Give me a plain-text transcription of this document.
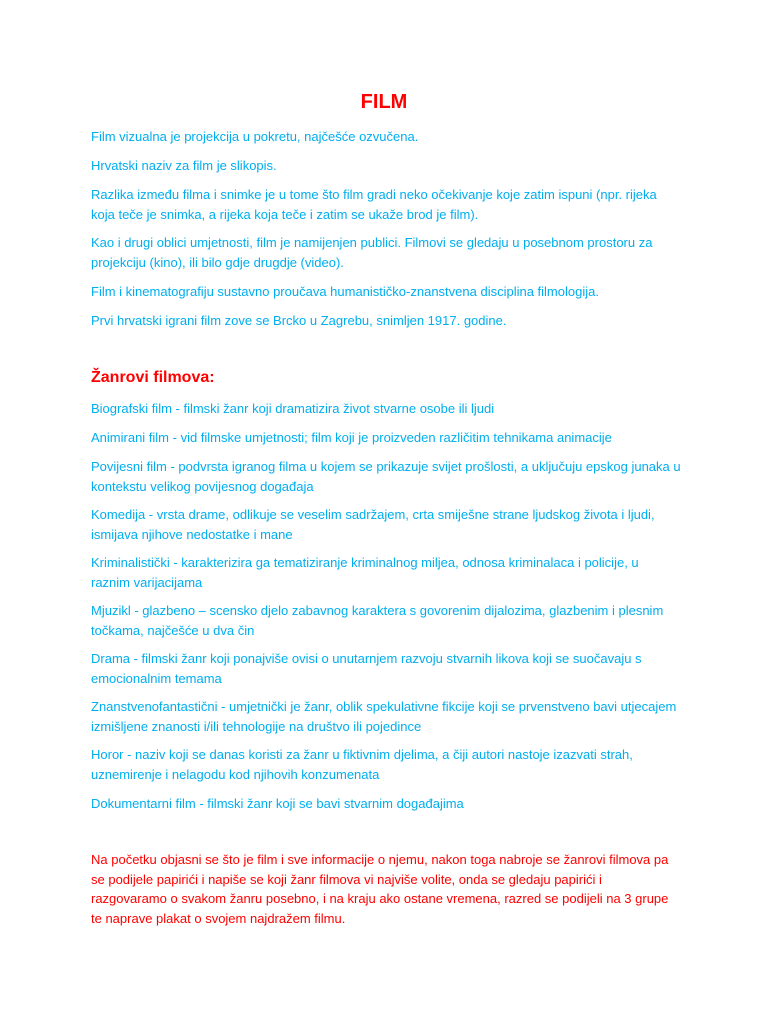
FILM

Film vizualna je projekcija u pokretu, najčešće ozvučena.

Hrvatski naziv za film je slikopis.

Razlika između filma i snimke je u tome što film gradi neko očekivanje koje zatim ispuni (npr. rijeka koja teče je snimka, a rijeka koja teče i zatim se ukaže brod je film).

Kao i drugi oblici umjetnosti, film je namijenjen publici. Filmovi se gledaju u posebnom prostoru za projekciju (kino), ili bilo gdje drugdje (video).

Film i kinematografiju sustavno proučava humanističko-znanstvena disciplina filmologija.

Prvi hrvatski igrani film zove se Brcko u Zagrebu, snimljen 1917. godine.

Žanrovi filmova:

Biografski film - filmski žanr koji dramatizira život stvarne osobe ili ljudi

Animirani film - vid filmske umjetnosti; film koji je proizveden različitim tehnikama animacije

Povijesni film - podvrsta igranog filma u kojem se prikazuje svijet prošlosti, a uključuju epskog junaka u kontekstu velikog povijesnog događaja

Komedija - vrsta drame, odlikuje se veselim sadržajem, crta smiješne strane ljudskog života i ljudi, ismijava njihove nedostatke i mane

Kriminalistički - karakterizira ga tematiziranje kriminalnog miljea, odnosa kriminalaca i policije, u raznim varijacijama

Mjuzikl - glazbeno – scensko djelo zabavnog karaktera s govorenim dijalozima, glazbenim i plesnim točkama, najčešće u dva čin

Drama - filmski žanr koji ponajviše ovisi o unutarnjem razvoju stvarnih likova koji se suočavaju s emocionalnim temama

Znanstvenofantastični - umjetnički je žanr, oblik spekulativne fikcije koji se prvenstveno bavi utjecajem izmišljene znanosti i/ili tehnologije na društvo ili pojedince

Horor - naziv koji se danas koristi za žanr u fiktivnim djelima, a čiji autori nastoje izazvati strah, uznemirenje i nelagodu kod njihovih konzumenata

Dokumentarni film - filmski žanr koji se bavi stvarnim događajima

Na početku objasni se što je film i sve informacije o njemu, nakon toga nabroje se žanrovi filmova pa se podijele papirići i napiše se koji žanr filmova vi najviše volite, onda se gledaju papirići i razgovaramo o svakom žanru posebno, i na kraju ako ostane vremena, razred se podijeli na 3 grupe te naprave plakat o svojem najdražem filmu.
